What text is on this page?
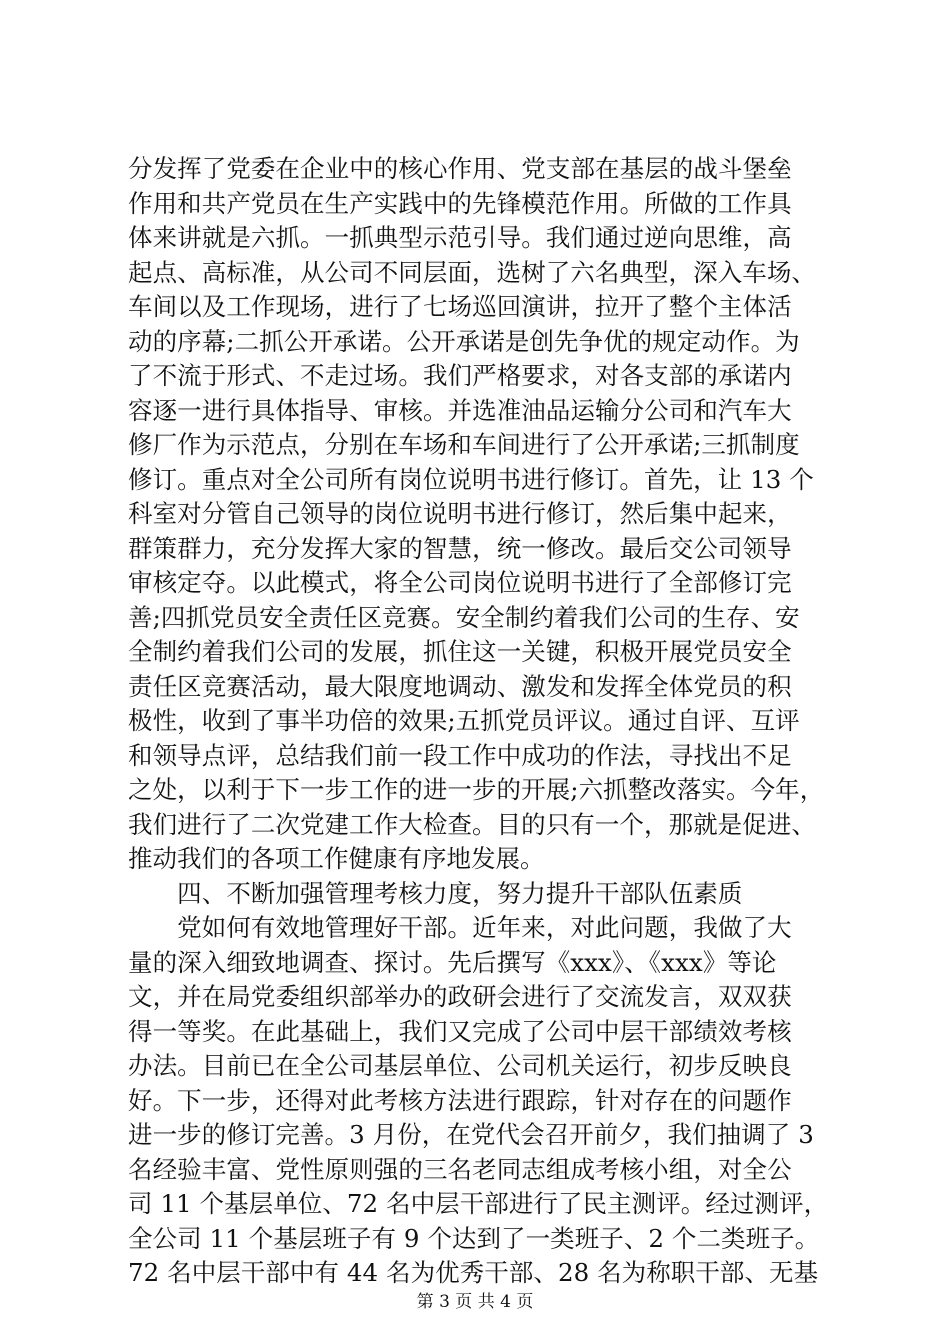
分发挥了党委在企业中的核心作用、党支部在基层的战斗堡垒
作用和共产党员在生产实践中的先锋模范作用。所做的工作具
体来讲就是六抓。一抓典型示范引导。我们通过逆向思维，高
起点、高标准，从公司不同层面，选树了六名典型，深入车场、
车间以及工作现场，进行了七场巡回演讲，拉开了整个主体活
动的序幕;二抓公开承诺。公开承诺是创先争优的规定动作。为
了不流于形式、不走过场。我们严格要求，对各支部的承诺内
容逐一进行具体指导、审核。并选准油品运输分公司和汽车大
修厂作为示范点，分别在车场和车间进行了公开承诺;三抓制度
修订。重点对全公司所有岗位说明书进行修订。首先，让 13 个
科室对分管自己领导的岗位说明书进行修订，然后集中起来，
群策群力，充分发挥大家的智慧，统一修改。最后交公司领导
审核定夺。以此模式，将全公司岗位说明书进行了全部修订完
善;四抓党员安全责任区竞赛。安全制约着我们公司的生存、安
全制约着我们公司的发展，抓住这一关键，积极开展党员安全
责任区竞赛活动，最大限度地调动、激发和发挥全体党员的积
极性，收到了事半功倍的效果;五抓党员评议。通过自评、互评
和领导点评，总结我们前一段工作中成功的作法，寻找出不足
之处，以利于下一步工作的进一步的开展;六抓整改落实。今年，
我们进行了二次党建工作大检查。目的只有一个，那就是促进、
推动我们的各项工作健康有序地发展。
　　四、不断加强管理考核力度，努力提升干部队伍素质
　　党如何有效地管理好干部。近年来，对此问题，我做了大
量的深入细致地调查、探讨。先后撰写《xxx》、《xxx》等论
文，并在局党委组织部举办的政研会进行了交流发言，双双获
得一等奖。在此基础上，我们又完成了公司中层干部绩效考核
办法。目前已在全公司基层单位、公司机关运行，初步反映良
好。下一步，还得对此考核方法进行跟踪，针对存在的问题作
进一步的修订完善。3 月份，在党代会召开前夕，我们抽调了 3
名经验丰富、党性原则强的三名老同志组成考核小组，对全公
司 11 个基层单位、72 名中层干部进行了民主测评。经过测评，
全公司 11 个基层班子有 9 个达到了一类班子、2 个二类班子。
72 名中层干部中有 44 名为优秀干部、28 名为称职干部、无基
第 3 页 共 4 页
